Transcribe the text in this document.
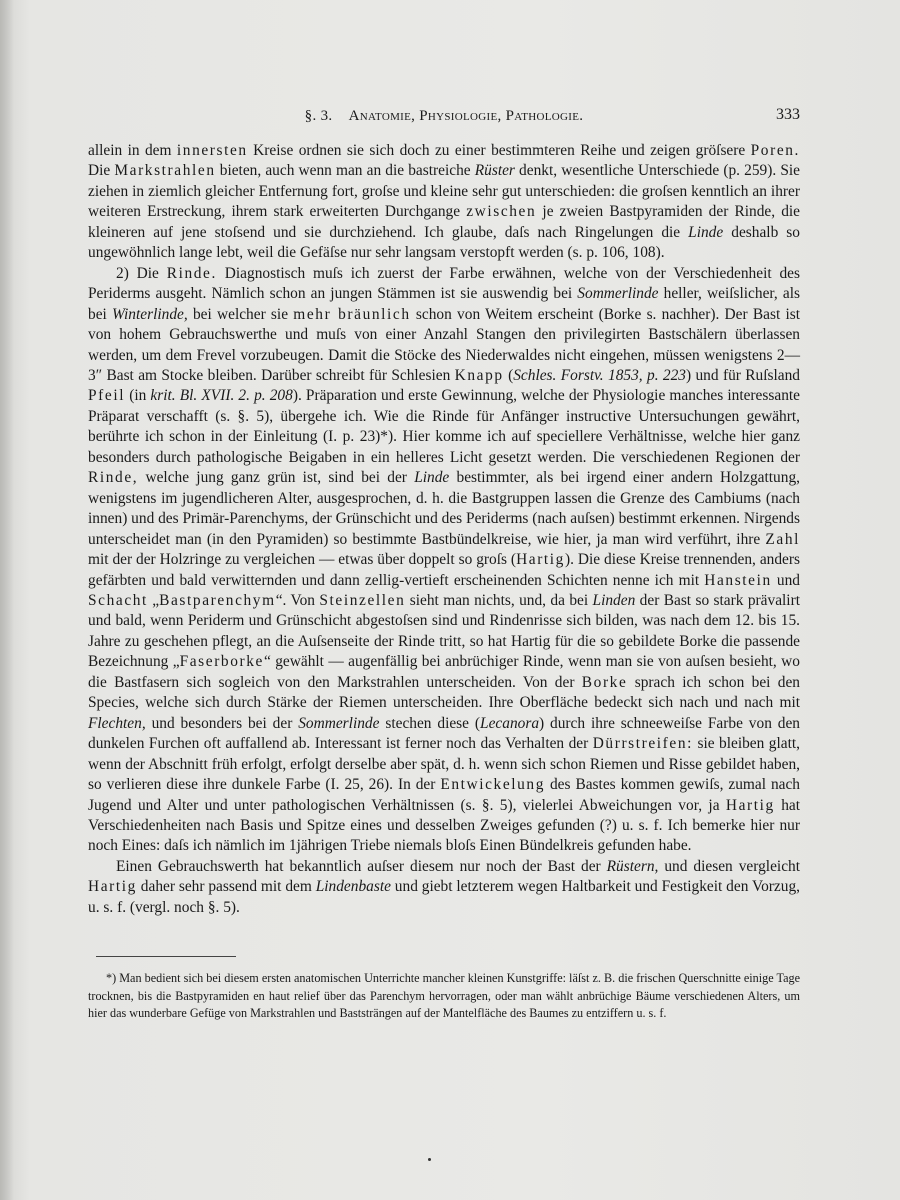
§. 3. Anatomie, Physiologie, Pathologie.	333

allein in dem innersten Kreise ordnen sie sich doch zu einer bestimmteren Reihe und zeigen gröſsere Poren. Die Markstrahlen bieten, auch wenn man an die bastreiche Rüster denkt, wesentliche Unterschiede (p. 259). Sie ziehen in ziemlich gleicher Entfernung fort, groſse und kleine sehr gut unterschieden: die groſsen kenntlich an ihrer weiteren Erstreckung, ihrem stark erweiterten Durchgange zwischen je zweien Bastpyramiden der Rinde, die kleineren auf jene stoſsend und sie durchziehend. Ich glaube, daſs nach Ringelungen die Linde deshalb so ungewöhnlich lange lebt, weil die Gefäſse nur sehr langsam verstopft werden (s. p. 106, 108).

2) Die Rinde. Diagnostisch muſs ich zuerst der Farbe erwähnen, welche von der Verschiedenheit des Periderms ausgeht. Nämlich schon an jungen Stämmen ist sie auswendig bei Sommerlinde heller, weiſslicher, als bei Winterlinde, bei welcher sie mehr bräunlich schon von Weitem erscheint (Borke s. nachher). Der Bast ist von hohem Gebrauchswerthe und muſs von einer Anzahl Stangen den privilegirten Bastschälern überlassen werden, um dem Frevel vorzubeugen. Damit die Stöcke des Niederwaldes nicht eingehen, müssen wenigstens 2—3″ Bast am Stocke bleiben. Darüber schreibt für Schlesien Knapp (Schles. Forstv. 1853, p. 223) und für Ruſsland Pfeil (in krit. Bl. XVII. 2. p. 208). Präparation und erste Gewinnung, welche der Physiologie manches interessante Präparat verschafft (s. §. 5), übergehe ich. Wie die Rinde für Anfänger instructive Untersuchungen gewährt, berührte ich schon in der Einleitung (I. p. 23)*). Hier komme ich auf speciellere Verhältnisse, welche hier ganz besonders durch pathologische Beigaben in ein helleres Licht gesetzt werden. Die verschiedenen Regionen der Rinde, welche jung ganz grün ist, sind bei der Linde bestimmter, als bei irgend einer andern Holzgattung, wenigstens im jugendlicheren Alter, ausgesprochen, d. h. die Bastgruppen lassen die Grenze des Cambiums (nach innen) und des Primär-Parenchyms, der Grünschicht und des Periderms (nach auſsen) bestimmt erkennen. Nirgends unterscheidet man (in den Pyramiden) so bestimmte Bastbündelkreise, wie hier, ja man wird verführt, ihre Zahl mit der der Holzringe zu vergleichen — etwas über doppelt so groſs (Hartig). Die diese Kreise trennenden, anders gefärbten und bald verwitternden und dann zellig-vertieft erscheinenden Schichten nenne ich mit Hanstein und Schacht „Bastparenchym“. Von Steinzellen sieht man nichts, und, da bei Linden der Bast so stark prävalirt und bald, wenn Periderm und Grünschicht abgestoſsen sind und Rindenrisse sich bilden, was nach dem 12. bis 15. Jahre zu geschehen pflegt, an die Auſsenseite der Rinde tritt, so hat Hartig für die so gebildete Borke die passende Bezeichnung „Faserborke“ gewählt — augenfällig bei anbrüchiger Rinde, wenn man sie von auſsen besieht, wo die Bastfasern sich sogleich von den Markstrahlen unterscheiden. Von der Borke sprach ich schon bei den Species, welche sich durch Stärke der Riemen unterscheiden. Ihre Oberfläche bedeckt sich nach und nach mit Flechten, und besonders bei der Sommerlinde stechen diese (Lecanora) durch ihre schneeweiſse Farbe von den dunkelen Furchen oft auffallend ab. Interessant ist ferner noch das Verhalten der Dürrstreifen: sie bleiben glatt, wenn der Abschnitt früh erfolgt, erfolgt derselbe aber spät, d. h. wenn sich schon Riemen und Risse gebildet haben, so verlieren diese ihre dunkele Farbe (I. 25, 26). In der Entwickelung des Bastes kommen gewiſs, zumal nach Jugend und Alter und unter pathologischen Verhältnissen (s. §. 5), vielerlei Abweichungen vor, ja Hartig hat Verschiedenheiten nach Basis und Spitze eines und desselben Zweiges gefunden (?) u. s. f. Ich bemerke hier nur noch Eines: daſs ich nämlich im 1jährigen Triebe niemals bloſs Einen Bündelkreis gefunden habe.

Einen Gebrauchswerth hat bekanntlich auſser diesem nur noch der Bast der Rüstern, und diesen vergleicht Hartig daher sehr passend mit dem Lindenbaste und giebt letzterem wegen Haltbarkeit und Festigkeit den Vorzug, u. s. f. (vergl. noch §. 5).

*) Man bedient sich bei diesem ersten anatomischen Unterrichte mancher kleinen Kunstgriffe: läſst z. B. die frischen Querschnitte einige Tage trocknen, bis die Bastpyramiden en haut relief über das Parenchym hervorragen, oder man wählt anbrüchige Bäume verschiedenen Alters, um hier das wunderbare Gefüge von Markstrahlen und Baststrängen auf der Mantelfläche des Baumes zu entziffern u. s. f.
